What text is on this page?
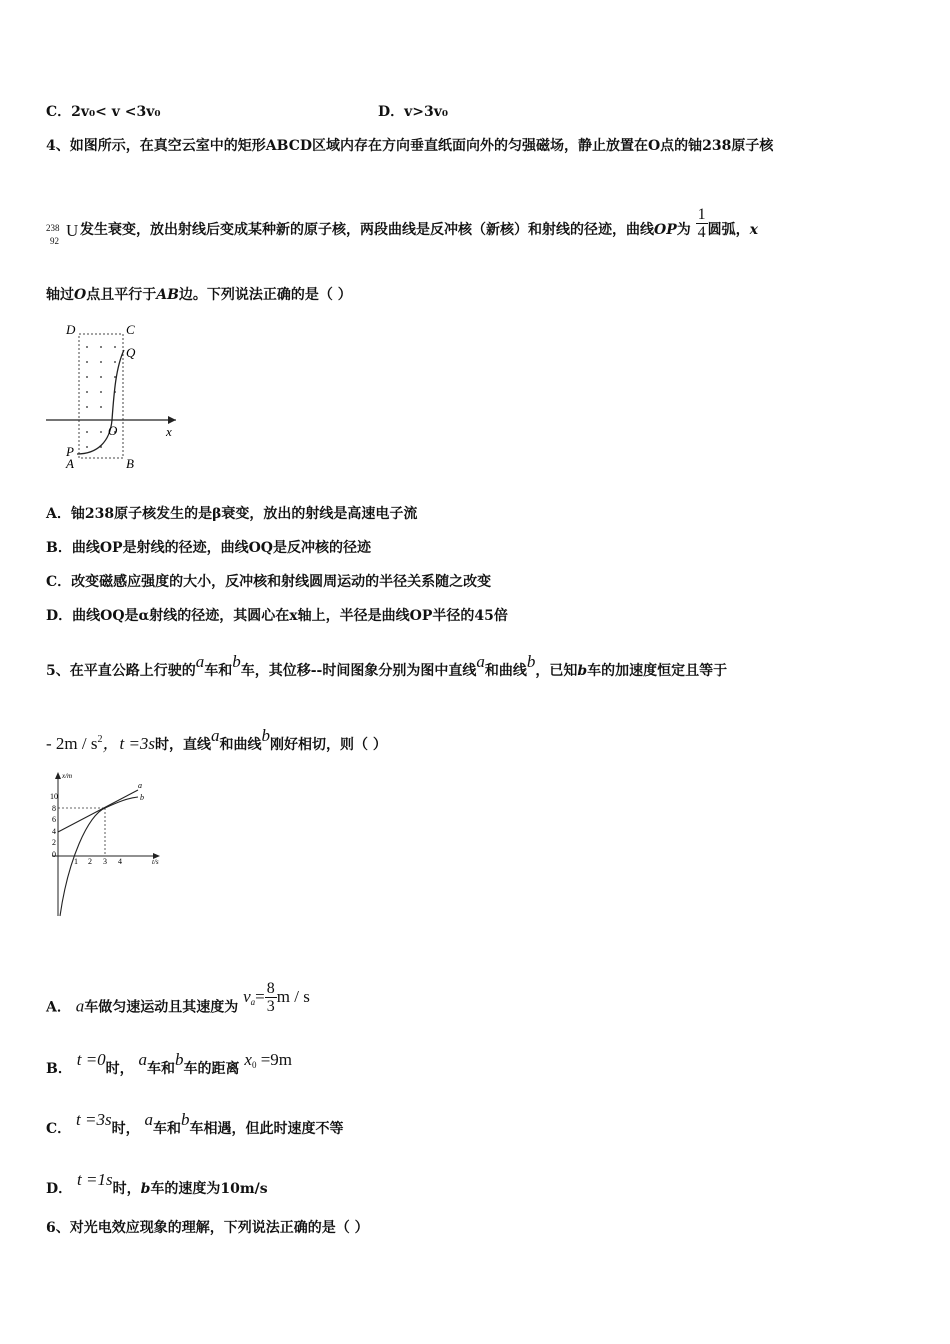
C．2v₀< v <3v₀	D．v>3v₀
4、如图所示，在真空云室中的矩形ABCD区域内存在方向垂直纸面向外的匀强磁场，静止放置在O点的铀238原子核
238
92
U 发生衰变，放出射线后变成某种新的原子核，两段曲线是反冲核（新核）和射线的径迹，曲线OP为 $\frac{1}{4}$ 圆弧，x
轴过O点且平行于AB边。下列说法正确的是（ ）
D	C
Q
O	x
P
A	B
A．铀238原子核发生的是β衰变，放出的射线是高速电子流
B．曲线OP是射线的径迹，曲线OQ是反冲核的径迹
C．改变磁感应强度的大小，反冲核和射线圆周运动的半径关系随之改变
D．曲线OQ是α射线的径迹，其圆心在x轴上，半径是曲线OP半径的45倍
5、在平直公路上行驶的a车和b车，其位移--时间图象分别为图中直线a和曲线b，已知b车的加速度恒定且等于
- $2m / s^2$，t =3s时，直线a和曲线b刚好相切，则（ ）
x/m
t/s
10
8
6
4
2
0
1 2 3 4
a
b
A． a车做匀速运动且其速度为 $v_a= \frac{8}{3}$ m / s
B． t =0时， a车和b车的距离 $x_0 =9m$
C． t =3s时， a车和b车相遇，但此时速度不等
D． t =1s时，b车的速度为10m/s
6、对光电效应现象的理解，下列说法正确的是（ ）
